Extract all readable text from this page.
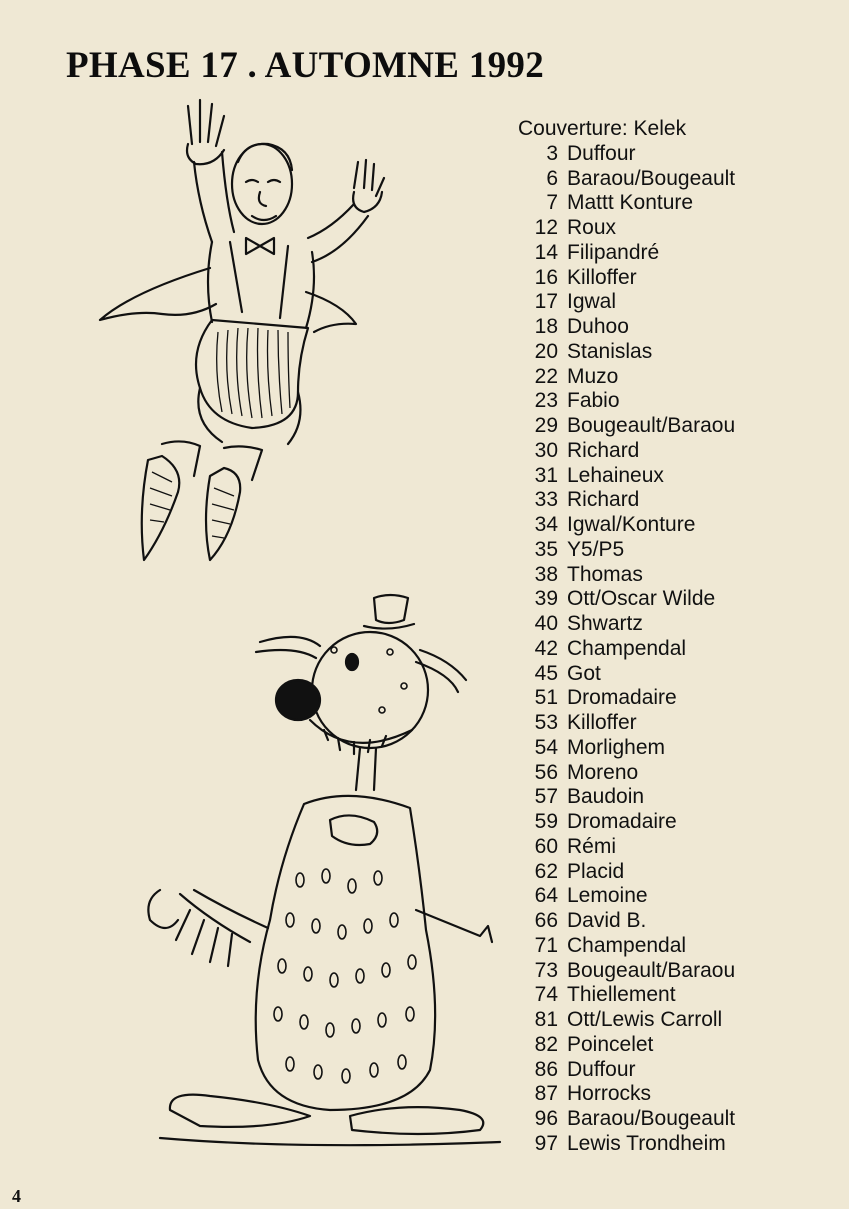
PHASE 17 . AUTOMNE 1992
Couverture: Kelek
3 Duffour
6 Baraou/Bougeault
7 Mattt Konture
12 Roux
14 Filipandré
16 Killoffer
17 Igwal
18 Duhoo
20 Stanislas
22 Muzo
23 Fabio
29 Bougeault/Baraou
30 Richard
31 Lehaineux
33 Richard
34 Igwal/Konture
35 Y5/P5
38 Thomas
39 Ott/Oscar Wilde
40 Shwartz
42 Champendal
45 Got
51 Dromadaire
53 Killoffer
54 Morlighem
56 Moreno
57 Baudoin
59 Dromadaire
60 Rémi
62 Placid
64 Lemoine
66 David B.
71 Champendal
73 Bougeault/Baraou
74 Thiellement
81 Ott/Lewis Carroll
82 Poincelet
86 Duffour
87 Horrocks
96 Baraou/Bougeault
97 Lewis Trondheim
4
